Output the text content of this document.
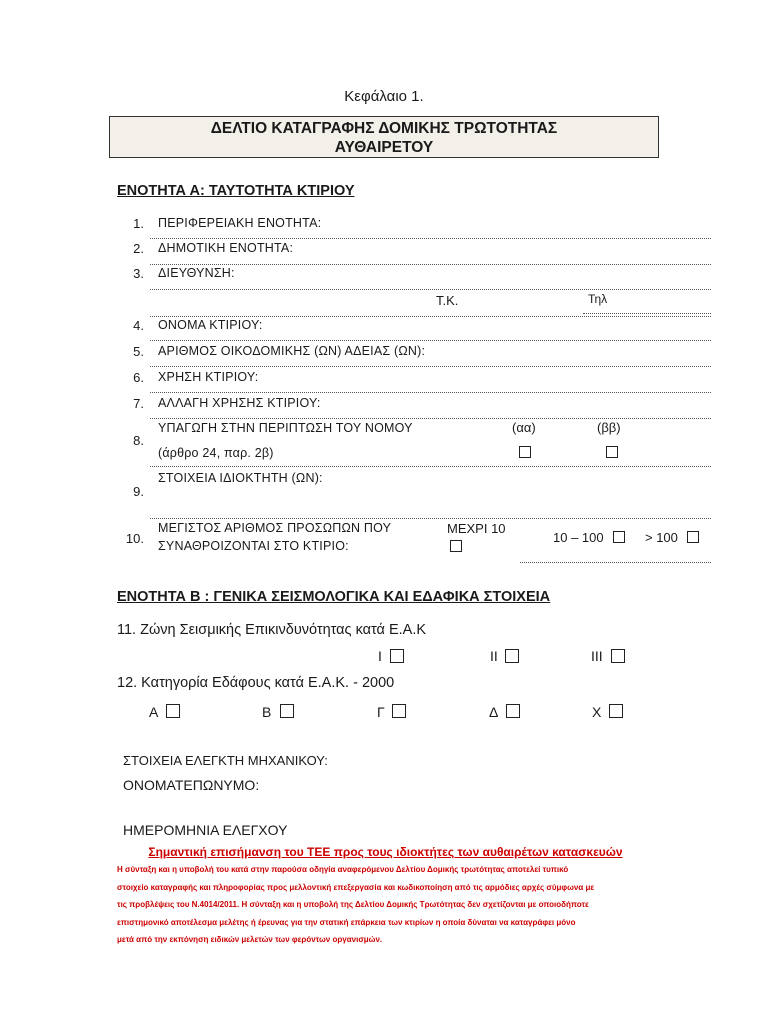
Κεφάλαιο 1.
ΔΕΛΤΙΟ ΚΑΤΑΓΡΑΦΗΣ ΔΟΜΙΚΗΣ ΤΡΩΤΟΤΗΤΑΣ
ΑΥΘΑΙΡΕΤΟΥ
ΕΝΟΤΗΤΑ Α: ΤΑΥΤΟΤΗΤΑ ΚΤΙΡΙΟΥ
1. ΠΕΡΙΦΕΡΕΙΑΚΗ ΕΝΟΤΗΤΑ:
2. ΔΗΜΟΤΙΚΗ ΕΝΟΤΗΤΑ:
3. ΔΙΕΥΘΥΝΣΗ:
Τ.Κ.	Τηλ
4. ΟΝΟΜΑ ΚΤΙΡΙΟΥ:
5. ΑΡΙΘΜΟΣ ΟΙΚΟΔΟΜΙΚΗΣ (ΩΝ) ΑΔΕΙΑΣ (ΩΝ):
6. ΧΡΗΣΗ ΚΤΙΡΙΟΥ:
7. ΑΛΛΑΓΗ ΧΡΗΣΗΣ ΚΤΙΡΙΟΥ:
8.
ΥΠΑΓΩΓΗ ΣΤΗΝ ΠΕΡΙΠΤΩΣΗ ΤΟΥ ΝΟΜΟΥ
(άρθρο 24, παρ. 2β)
(αα)	(ββ)
9.
ΣΤΟΙΧΕΙΑ ΙΔΙΟΚΤΗΤΗ (ΩΝ):
10.
ΜΕΓΙΣΤΟΣ ΑΡΙΘΜΟΣ ΠΡΟΣΩΠΩΝ ΠΟΥ
ΣΥΝΑΘΡΟΙΖΟΝΤΑΙ ΣΤΟ ΚΤΙΡΙΟ:
ΜΕΧΡΙ 10
10 – 100	> 100
ΕΝΟΤΗΤΑ Β : ΓΕΝΙΚΑ ΣΕΙΣΜΟΛΟΓΙΚΑ ΚΑΙ ΕΔΑΦΙΚΑ ΣΤΟΙΧΕΙΑ
11. Ζώνη Σεισμικής Επικινδυνότητας κατά Ε.Α.Κ
I	II	III
12. Κατηγορία Εδάφους κατά Ε.Α.Κ. - 2000
Α	Β	Γ	Δ	Χ
ΣΤΟΙΧΕΙΑ ΕΛΕΓΚΤΗ ΜΗΧΑΝΙΚΟΥ:
ΟΝΟΜΑΤΕΠΩΝΥΜΟ:
ΗΜΕΡΟΜΗΝΙΑ ΕΛΕΓΧΟΥ
Σημαντική επισήμανση του ΤΕΕ προς τους ιδιοκτήτες των αυθαιρέτων κατασκευών
Η σύνταξη και η υποβολή του κατά στην παρούσα οδηγία αναφερόμενου Δελτίου Δομικής τρωτότητας αποτελεί τυπικό
στοιχείο καταγραφής και πληροφορίας προς μελλοντική επεξεργασία και κωδικοποίηση από τις αρμόδιες αρχές σύμφωνα με
τις προβλέψεις του Ν.4014/2011. Η σύνταξη και η υποβολή της Δελτίου Δομικής Τρωτότητας δεν σχετίζονται με οποιοδήποτε
επιστημονικό αποτέλεσμα μελέτης ή έρευνας για την στατική επάρκεια των κτιρίων η οποία δύναται να καταγράφει μόνο
μετά από την εκπόνηση ειδικών μελετών των φερόντων οργανισμών.
